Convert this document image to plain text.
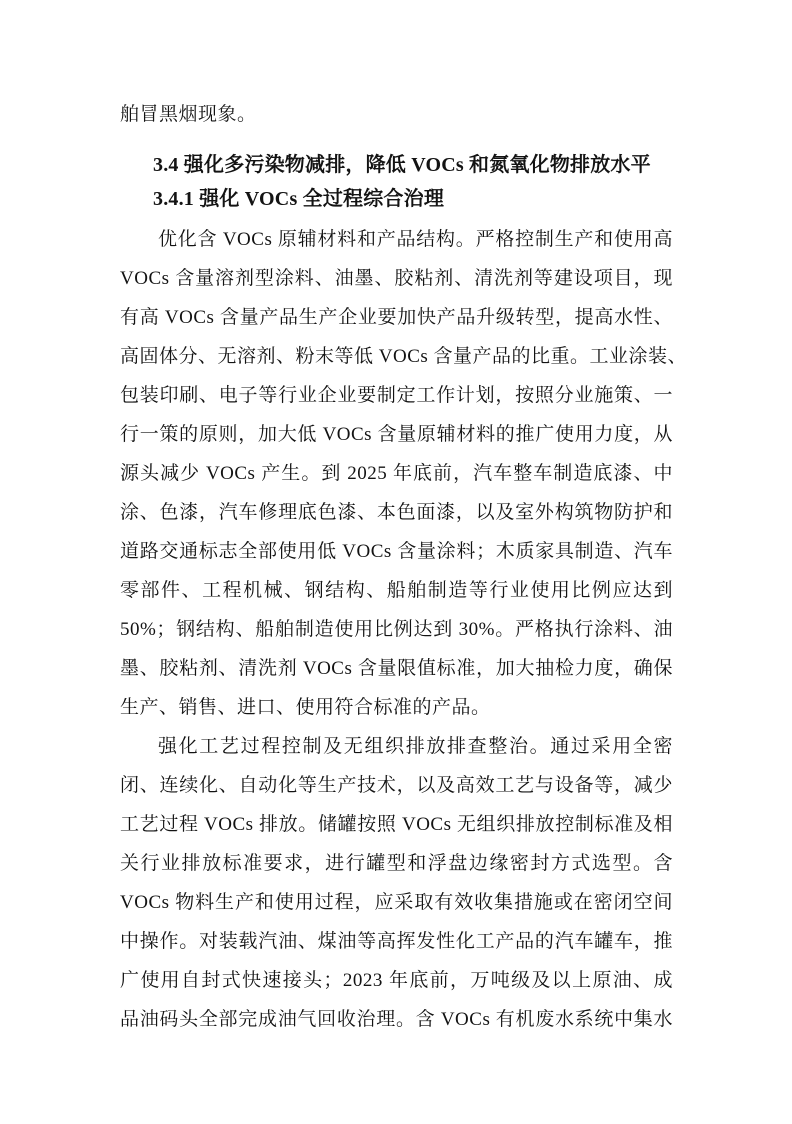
舶冒黑烟现象。
3.4 强化多污染物减排，降低 VOCs 和氮氧化物排放水平
3.4.1 强化 VOCs 全过程综合治理
优化含 VOCs 原辅材料和产品结构。严格控制生产和使用高
VOCs 含量溶剂型涂料、油墨、胶粘剂、清洗剂等建设项目，现
有高 VOCs 含量产品生产企业要加快产品升级转型，提高水性、
高固体分、无溶剂、粉末等低 VOCs 含量产品的比重。工业涂装、
包装印刷、电子等行业企业要制定工作计划，按照分业施策、一
行一策的原则，加大低 VOCs 含量原辅材料的推广使用力度，从
源头减少 VOCs 产生。到 2025 年底前，汽车整车制造底漆、中
涂、色漆，汽车修理底色漆、本色面漆，以及室外构筑物防护和
道路交通标志全部使用低 VOCs 含量涂料；木质家具制造、汽车
零部件、工程机械、钢结构、船舶制造等行业使用比例应达到
50%；钢结构、船舶制造使用比例达到 30%。严格执行涂料、油
墨、胶粘剂、清洗剂 VOCs 含量限值标准，加大抽检力度，确保
生产、销售、进口、使用符合标准的产品。
强化工艺过程控制及无组织排放排查整治。通过采用全密
闭、连续化、自动化等生产技术，以及高效工艺与设备等，减少
工艺过程 VOCs 排放。储罐按照 VOCs 无组织排放控制标准及相
关行业排放标准要求，进行罐型和浮盘边缘密封方式选型。含
VOCs 物料生产和使用过程，应采取有效收集措施或在密闭空间
中操作。对装载汽油、煤油等高挥发性化工产品的汽车罐车，推
广使用自封式快速接头；2023 年底前，万吨级及以上原油、成
品油码头全部完成油气回收治理。含 VOCs 有机废水系统中集水
